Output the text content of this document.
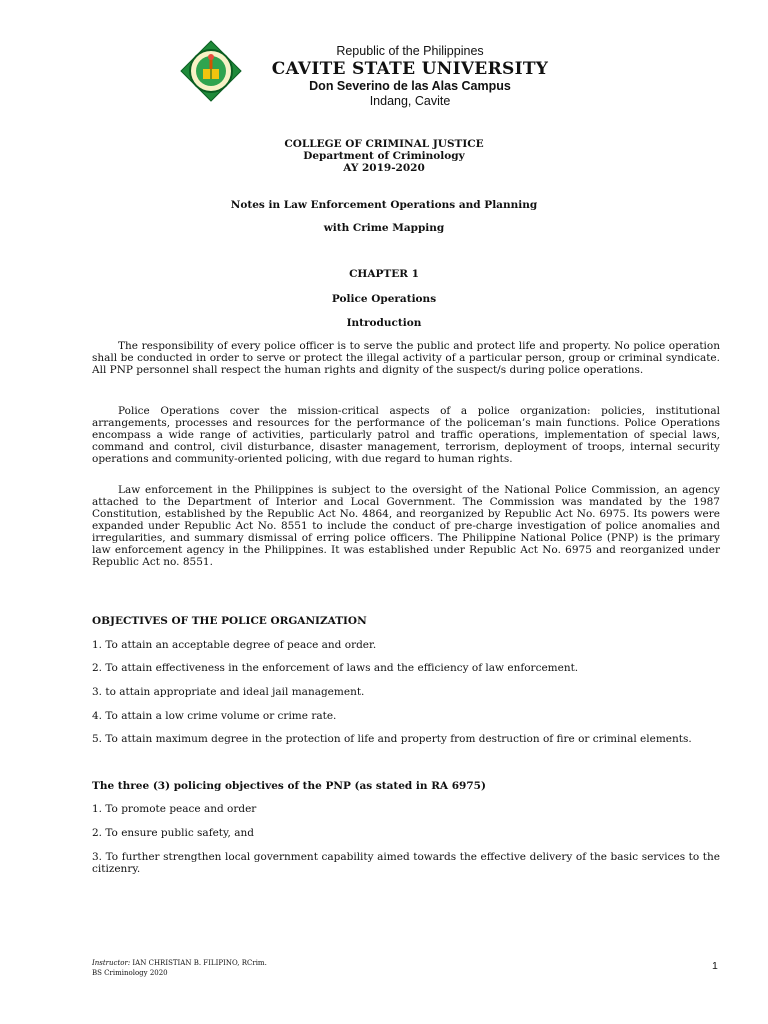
Republic of the Philippines
CAVITE STATE UNIVERSITY
Don Severino de las Alas Campus
Indang, Cavite
COLLEGE OF CRIMINAL JUSTICE
Department of Criminology
AY 2019-2020
Notes in Law Enforcement Operations and Planning
with Crime Mapping
CHAPTER 1
Police Operations
Introduction

The responsibility of every police officer is to serve the public and protect life and property. No police operation shall be conducted in order to serve or protect the illegal activity of a particular person, group or criminal syndicate. All PNP personnel shall respect the human rights and dignity of the suspect/s during police operations.

Police Operations cover the mission-critical aspects of a police organization: policies, institutional arrangements, processes and resources for the performance of the policeman’s main functions. Police Operations encompass a wide range of activities, particularly patrol and traffic operations, implementation of special laws, command and control, civil disturbance, disaster management, terrorism, deployment of troops, internal security operations and community-oriented policing, with due regard to human rights.

Law enforcement in the Philippines is subject to the oversight of the National Police Commission, an agency attached to the Department of Interior and Local Government. The Commission was mandated by the 1987 Constitution, established by the Republic Act No. 4864, and reorganized by Republic Act No. 6975. Its powers were expanded under Republic Act No. 8551 to include the conduct of pre-charge investigation of police anomalies and irregularities, and summary dismissal of erring police officers. The Philippine National Police (PNP) is the primary law enforcement agency in the Philippines. It was established under Republic Act No. 6975 and reorganized under Republic Act no. 8551.

OBJECTIVES OF THE POLICE ORGANIZATION
1. To attain an acceptable degree of peace and order.
2. To attain effectiveness in the enforcement of laws and the efficiency of law enforcement.
3. to attain appropriate and ideal jail management.
4. To attain a low crime volume or crime rate.
5. To attain maximum degree in the protection of life and property from destruction of fire or criminal elements.
The three (3) policing objectives of the PNP (as stated in RA 6975)
1. To promote peace and order
2. To ensure public safety, and
3. To further strengthen local government capability aimed towards the effective delivery of the basic services to the citizenry.
Instructor: IAN CHRISTIAN B. FILIPINO, RCrim.
BS Criminology 2020
1
